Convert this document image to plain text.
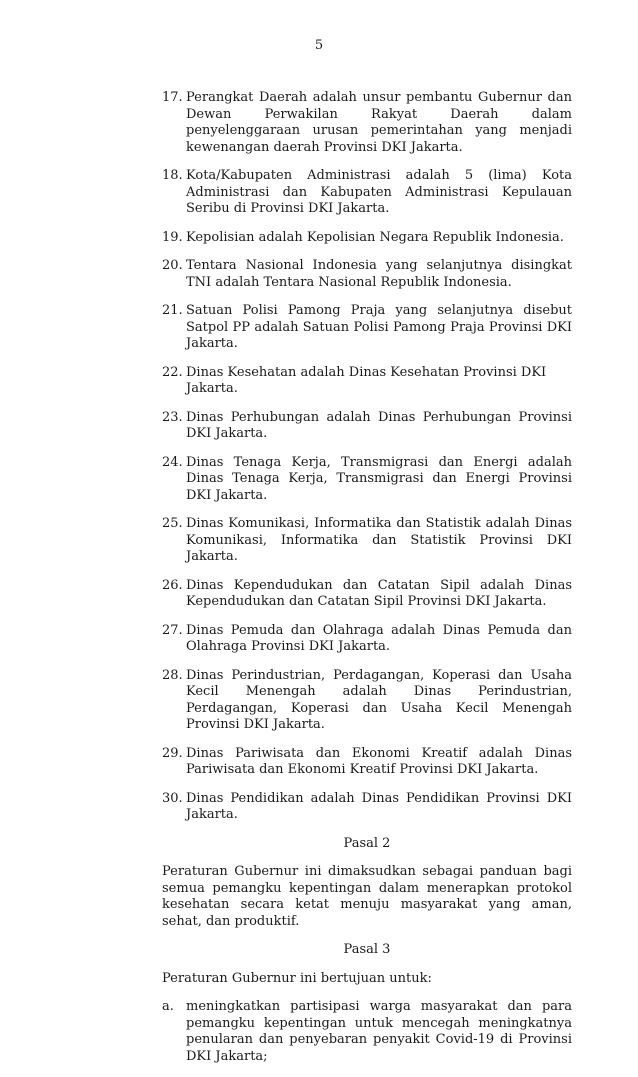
5
17. Perangkat Daerah adalah unsur pembantu Gubernur dan Dewan Perwakilan Rakyat Daerah dalam penyelenggaraan urusan pemerintahan yang menjadi kewenangan daerah Provinsi DKI Jakarta.
18. Kota/Kabupaten Administrasi adalah 5 (lima) Kota Administrasi dan Kabupaten Administrasi Kepulauan Seribu di Provinsi DKI Jakarta.
19. Kepolisian adalah Kepolisian Negara Republik Indonesia.
20. Tentara Nasional Indonesia yang selanjutnya disingkat TNI adalah Tentara Nasional Republik Indonesia.
21. Satuan Polisi Pamong Praja yang selanjutnya disebut Satpol PP adalah Satuan Polisi Pamong Praja Provinsi DKI Jakarta.
22. Dinas Kesehatan adalah Dinas Kesehatan Provinsi DKI Jakarta.
23. Dinas Perhubungan adalah Dinas Perhubungan Provinsi DKI Jakarta.
24. Dinas Tenaga Kerja, Transmigrasi dan Energi adalah Dinas Tenaga Kerja, Transmigrasi dan Energi Provinsi DKI Jakarta.
25. Dinas Komunikasi, Informatika dan Statistik adalah Dinas Komunikasi, Informatika dan Statistik Provinsi DKI Jakarta.
26. Dinas Kependudukan dan Catatan Sipil adalah Dinas Kependudukan dan Catatan Sipil Provinsi DKI Jakarta.
27. Dinas Pemuda dan Olahraga adalah Dinas Pemuda dan Olahraga Provinsi DKI Jakarta.
28. Dinas Perindustrian, Perdagangan, Koperasi dan Usaha Kecil Menengah adalah Dinas Perindustrian, Perdagangan, Koperasi dan Usaha Kecil Menengah Provinsi DKI Jakarta.
29. Dinas Pariwisata dan Ekonomi Kreatif adalah Dinas Pariwisata dan Ekonomi Kreatif Provinsi DKI Jakarta.
30. Dinas Pendidikan adalah Dinas Pendidikan Provinsi DKI Jakarta.
Pasal 2
Peraturan Gubernur ini dimaksudkan sebagai panduan bagi semua pemangku kepentingan dalam menerapkan protokol kesehatan secara ketat menuju masyarakat yang aman, sehat, dan produktif.
Pasal 3
Peraturan Gubernur ini bertujuan untuk:
a. meningkatkan partisipasi warga masyarakat dan para pemangku kepentingan untuk mencegah meningkatnya penularan dan penyebaran penyakit Covid-19 di Provinsi DKI Jakarta;
